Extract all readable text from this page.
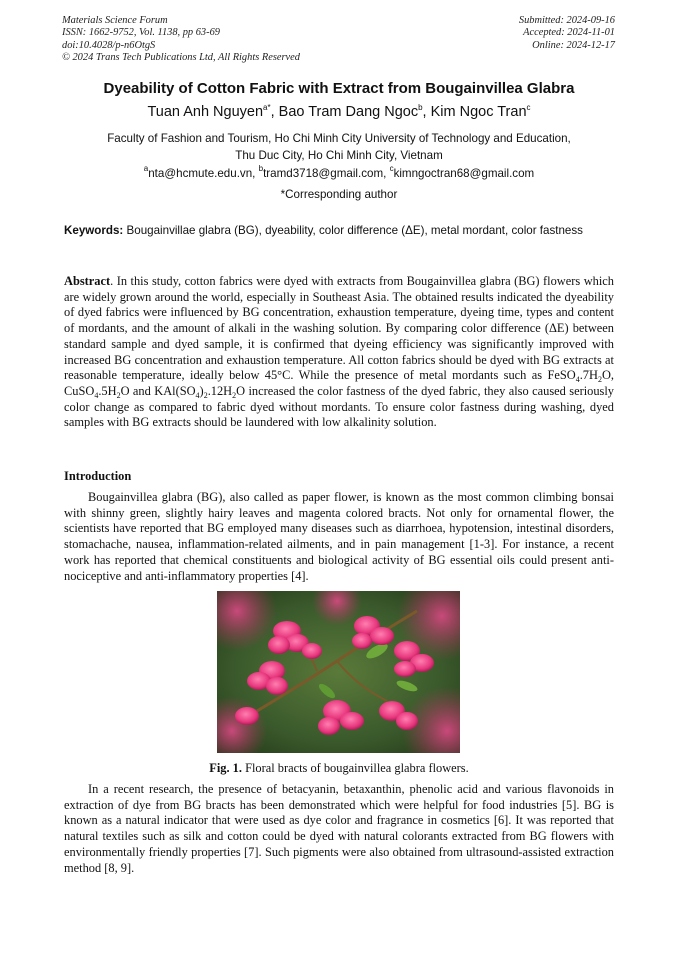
Materials Science Forum
ISSN: 1662-9752, Vol. 1138, pp 63-69
doi:10.4028/p-n6OtgS
© 2024 Trans Tech Publications Ltd, All Rights Reserved
Submitted: 2024-09-16
Accepted: 2024-11-01
Online: 2024-12-17
Dyeability of Cotton Fabric with Extract from Bougainvillea Glabra
Tuan Anh Nguyen$^{a*}$, Bao Tram Dang Ngoc$^b$, Kim Ngoc Tran$^c$
Faculty of Fashion and Tourism, Ho Chi Minh City University of Technology and Education,
Thu Duc City, Ho Chi Minh City, Vietnam
$^a$nta@hcmute.edu.vn, $^b$tramd3718@gmail.com, $^c$kimngoctran68@gmail.com
*Corresponding author
Keywords: Bougainvillae glabra (BG), dyeability, color difference (ΔE), metal mordant, color fastness

Abstract. In this study, cotton fabrics were dyed with extracts from Bougainvillea glabra (BG) flowers which are widely grown around the world, especially in Southeast Asia. The obtained results indicated the dyeability of dyed fabrics were influenced by BG concentration, exhaustion temperature, dyeing time, types and content of mordants, and the amount of alkali in the washing solution. By comparing color difference (ΔE) between standard sample and dyed sample, it is confirmed that dyeing efficiency was significantly improved with increased BG concentration and exhaustion temperature. All cotton fabrics should be dyed with BG extracts at reasonable temperature, ideally below 45°C. While the presence of metal mordants such as $FeSO_4.7H_2O$, $CuSO_4.5H_2O$ and $KAl(SO_4)_2.12H_2O$ increased the color fastness of the dyed fabric, they also caused seriously color change as compared to fabric dyed without mordants. To ensure color fastness during washing, dyed samples with BG extracts should be laundered with low alkalinity solution.

Introduction

Bougainvillea glabra (BG), also called as paper flower, is known as the most common climbing bonsai with shinny green, slightly hairy leaves and magenta colored bracts. Not only for ornamental flower, the scientists have reported that BG employed many diseases such as diarrhoea, hypotension, intestinal disorders, stomachache, nausea, inflammation-related ailments, and in pain management [1-3]. For instance, a recent work has reported that chemical constituents and biological activity of BG essential oils could present anti-nociceptive and anti-inflammatory properties [4].

Fig. 1. Floral bracts of bougainvillea glabra flowers.

In a recent research, the presence of betacyanin, betaxanthin, phenolic acid and various flavonoids in extraction of dye from BG bracts has been demonstrated which were helpful for food industries [5]. BG is known as a natural indicator that were used as dye color and fragrance in cosmetics [6]. It was reported that natural textiles such as silk and cotton could be dyed with natural colorants extracted from BG flowers with environmentally friendly properties [7]. Such pigments were also obtained from ultrasound-assisted extraction method [8, 9].
